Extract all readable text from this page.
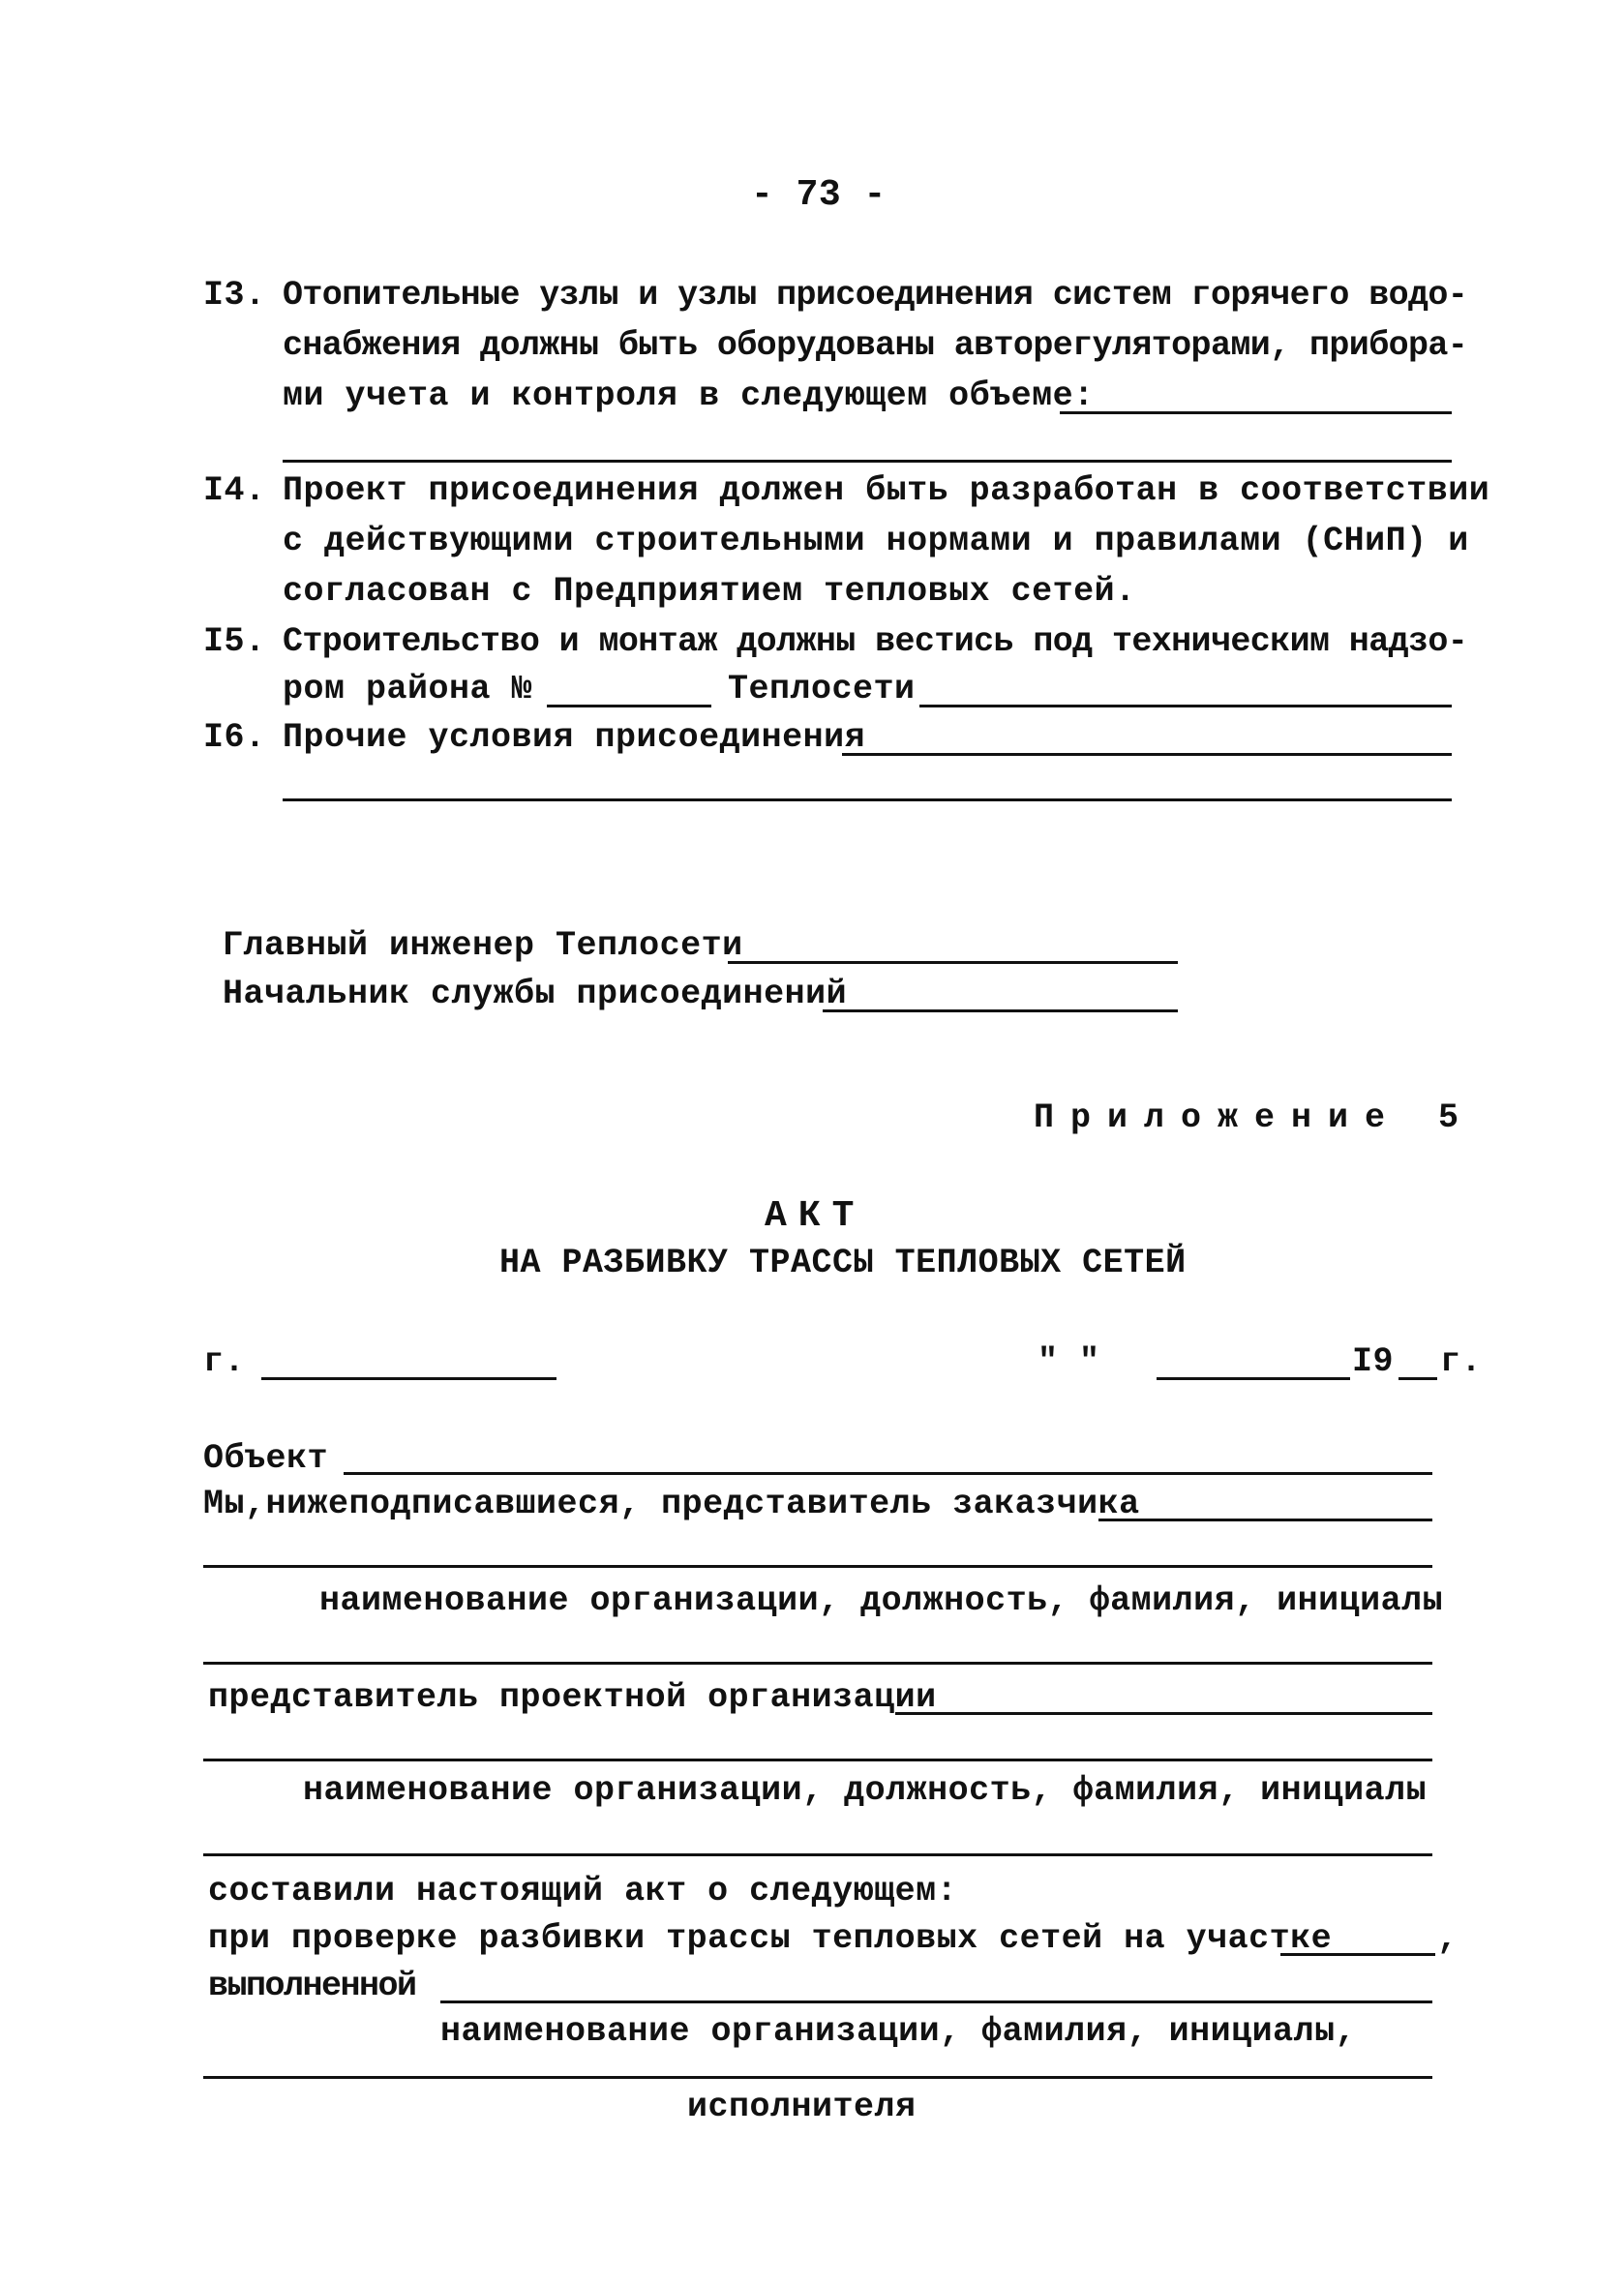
- 73 -
I3. Отопительные узлы и узлы присоединения систем горячего водо-
снабжения должны быть оборудованы авторегуляторами, прибора-
ми учета и контроля в следующем объеме:
I4. Проект присоединения должен быть разработан в соответствии
с действующими строительными нормами и правилами (СНиП) и
согласован с Предприятием тепловых сетей.
I5. Строительство и монтаж должны вестись под техническим надзо-
ром района №	Теплосети
I6. Прочие условия присоединения
Главный инженер Теплосети
Начальник службы присоединений
Приложение 5
АКТ
НА РАЗБИВКУ ТРАССЫ ТЕПЛОВЫХ СЕТЕЙ
г.	" "	I9 г.
Объект
Мы,нижеподписавшиеся, представитель заказчика
наименование организации, должность, фамилия, инициалы
представитель проектной организации
наименование организации, должность, фамилия, инициалы
составили настоящий акт о следующем:
при проверке разбивки трассы тепловых сетей на участке	,
выполненной
наименование организации, фамилия, инициалы,
исполнителя
